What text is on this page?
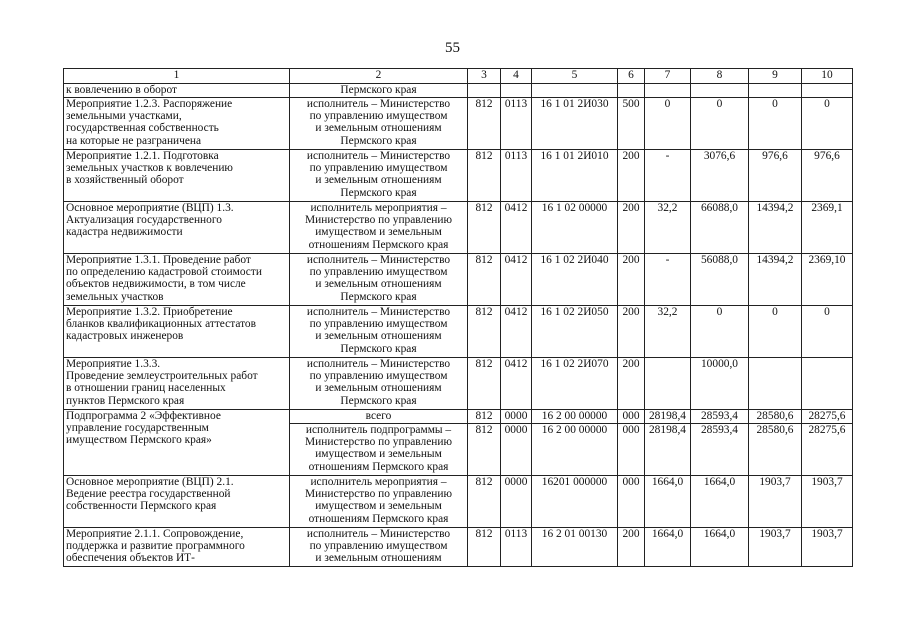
55
1	2	3	4	5	6	7	8	9	10
к вовлечению в оборот	Пермского края								
Мероприятие 1.2.3. Распоряжение
земельными участками,
государственная собственность
на которые не разграничена	исполнитель – Министерство
по управлению имуществом
и земельным отношениям
Пермского края	812	0113	16 1 01 2И030	500	0	0	0	0
Мероприятие 1.2.1. Подготовка
земельных участков к вовлечению
в хозяйственный оборот	исполнитель – Министерство
по управлению имуществом
и земельным отношениям
Пермского края	812	0113	16 1 01 2И010	200	-	3076,6	976,6	976,6
Основное мероприятие (ВЦП) 1.3.
Актуализация государственного
кадастра недвижимости	исполнитель мероприятия –
Министерство по управлению
имуществом и земельным
отношениям Пермского края	812	0412	16 1 02 00000	200	32,2	66088,0	14394,2	2369,1
Мероприятие 1.3.1. Проведение работ
по определению кадастровой стоимости
объектов недвижимости, в том числе
земельных участков	исполнитель – Министерство
по управлению имуществом
и земельным отношениям
Пермского края	812	0412	16 1 02 2И040	200	-	56088,0	14394,2	2369,10
Мероприятие 1.3.2. Приобретение
бланков квалификационных аттестатов
кадастровых инженеров	исполнитель – Министерство
по управлению имуществом
и земельным отношениям
Пермского края	812	0412	16 1 02 2И050	200	32,2	0	0	0
Мероприятие 1.3.3.
Проведение землеустроительных работ
в отношении границ населенных
пунктов Пермского края	исполнитель – Министерство
по управлению имуществом
и земельным отношениям
Пермского края	812	0412	16 1 02 2И070	200		10000,0		
Подпрограмма 2 «Эффективное
управление государственным
имуществом Пермского края»	всего	812	0000	16 2 00 00000	000	28198,4	28593,4	28580,6	28275,6
	исполнитель подпрограммы –
Министерство по управлению
имуществом и земельным
отношениям Пермского края	812	0000	16 2 00 00000	000	28198,4	28593,4	28580,6	28275,6
Основное мероприятие (ВЦП) 2.1.
Ведение реестра государственной
собственности Пермского края	исполнитель мероприятия –
Министерство по управлению
имуществом и земельным
отношениям Пермского края	812	0000	16201 000000	000	1664,0	1664,0	1903,7	1903,7
Мероприятие 2.1.1. Сопровождение,
поддержка и развитие программного
обеспечения объектов ИТ-	исполнитель – Министерство
по управлению имуществом
и земельным отношениям	812	0113	16 2 01 00130	200	1664,0	1664,0	1903,7	1903,7
